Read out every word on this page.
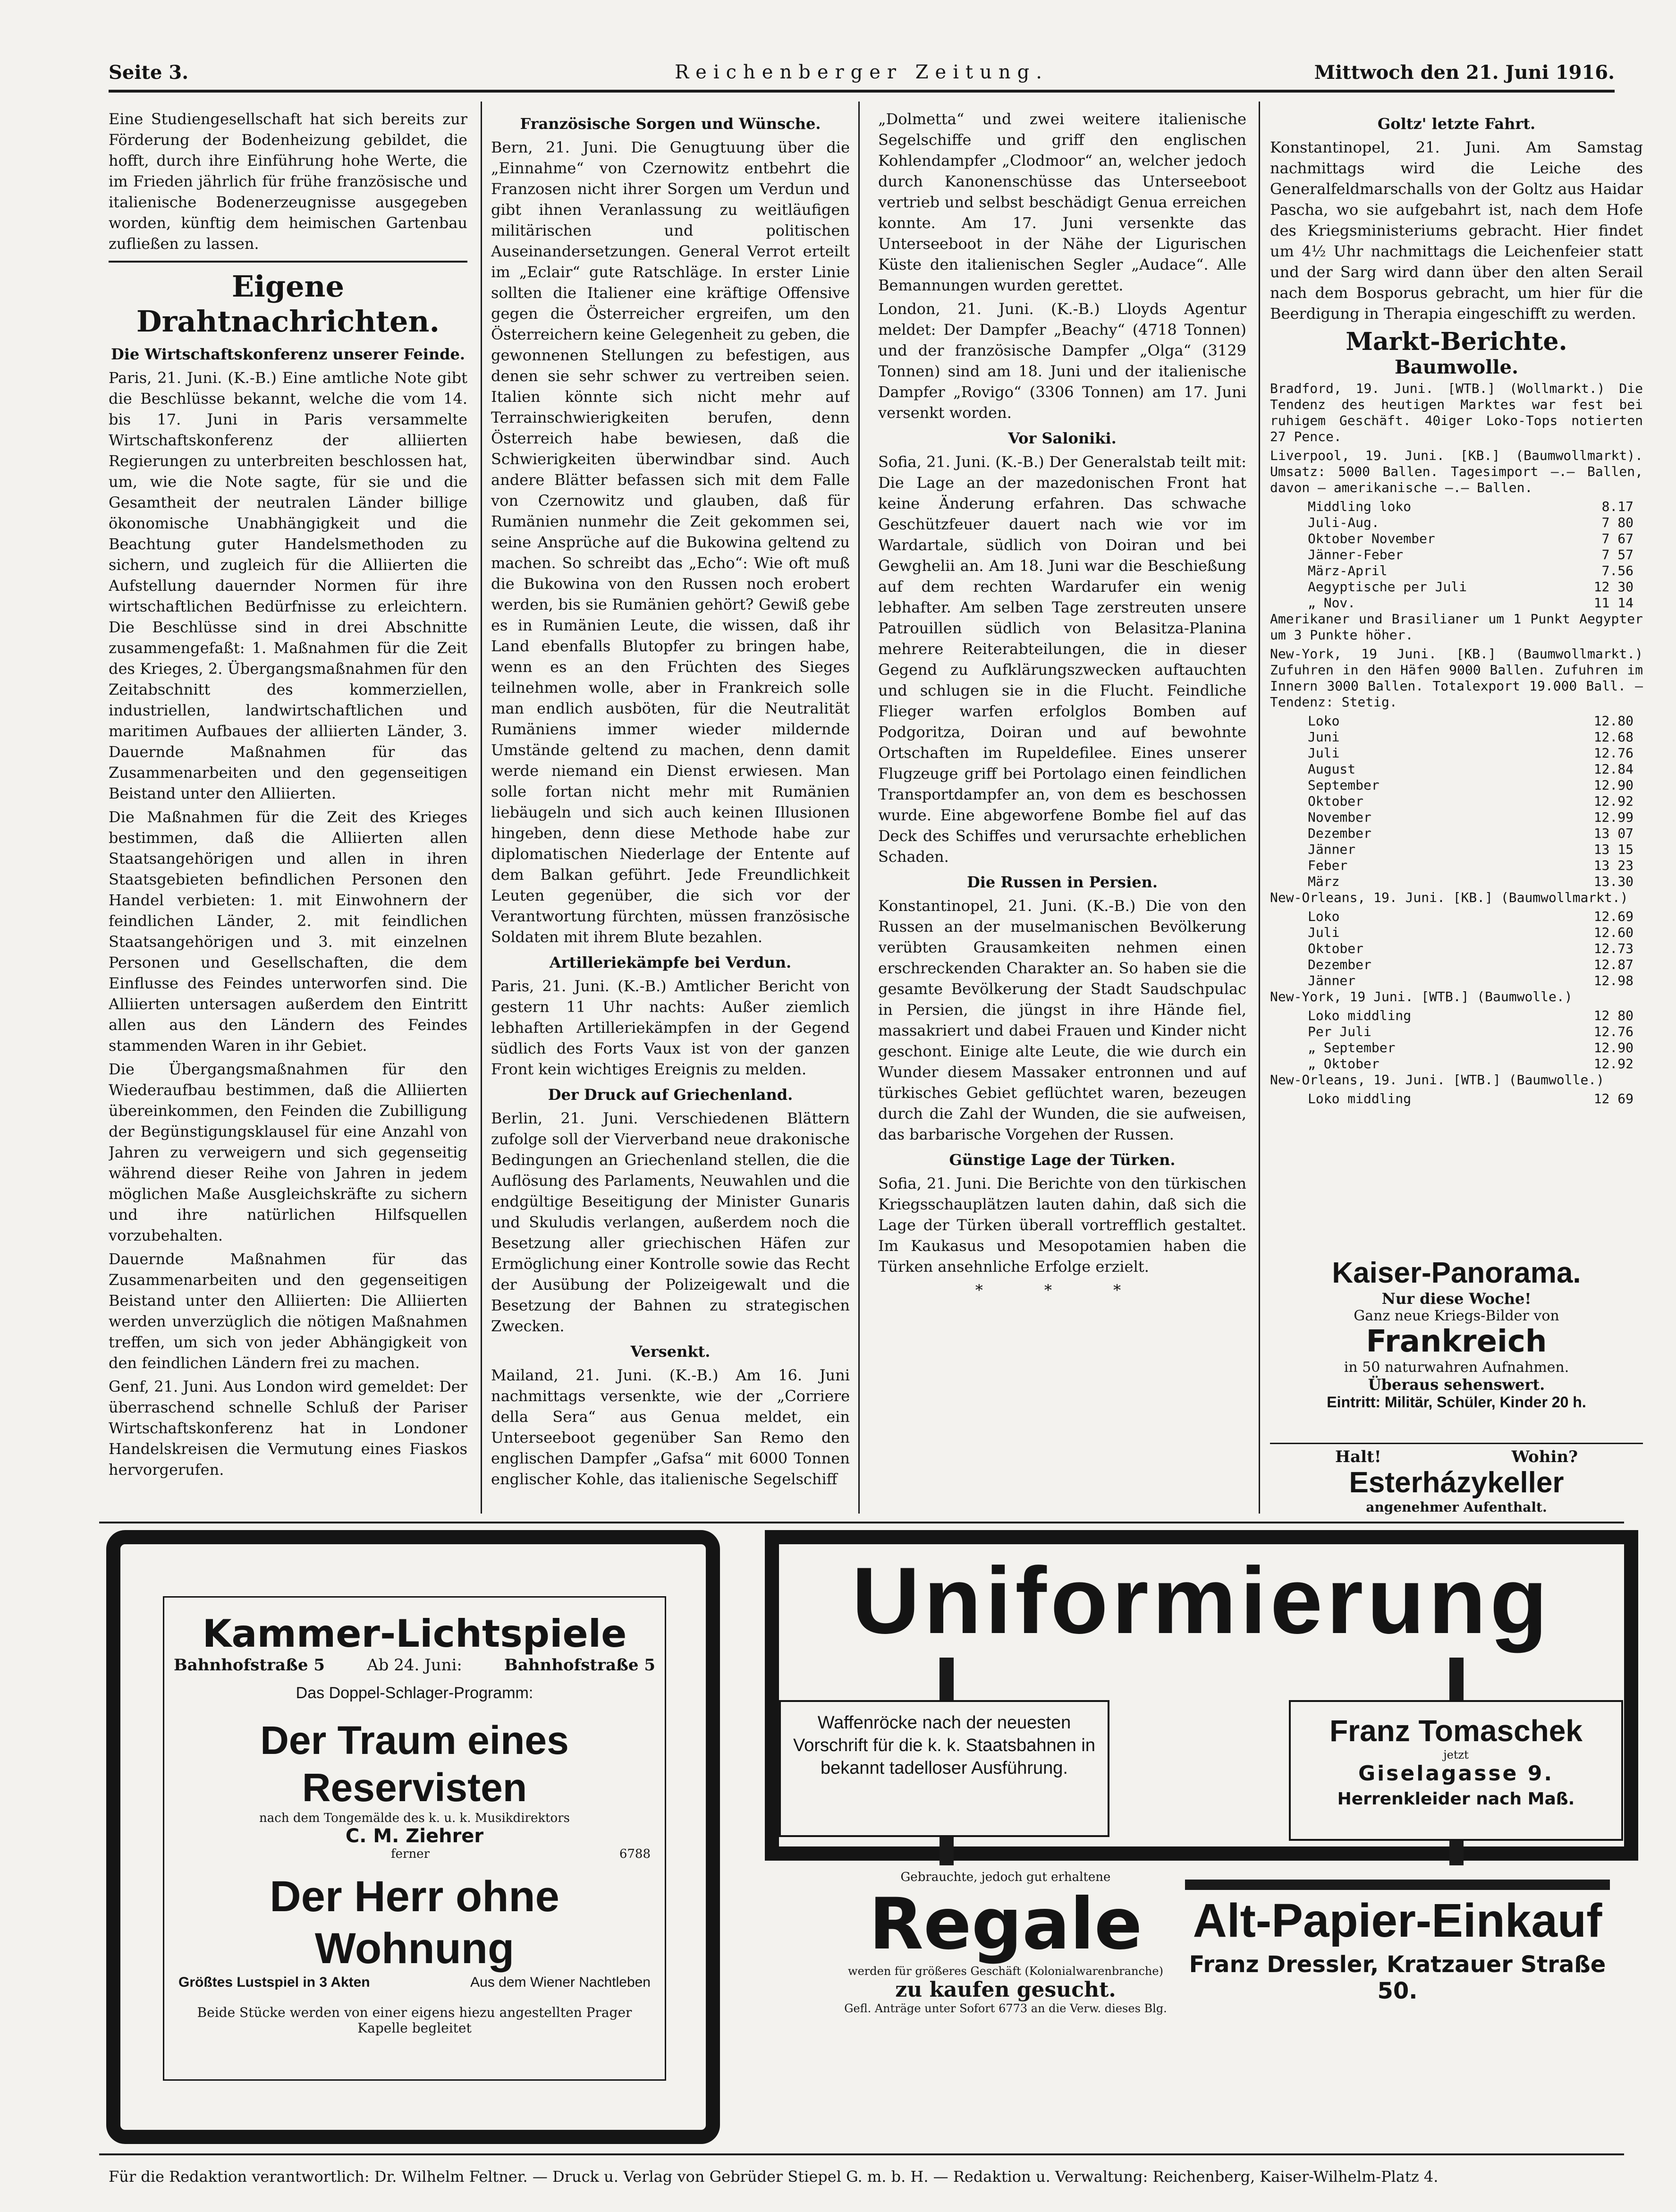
Seite 3.	Reichenberger Zeitung.	Mittwoch den 21. Juni 1916.

Eine Studiengesellschaft hat sich bereits zur Förderung der Bodenheizung gebildet, die hofft, durch ihre Einführung hohe Werte, die im Frieden jährlich für frühe französische und italienische Bodenerzeugnisse ausgegeben worden, künftig dem heimischen Gartenbau zufließen zu lassen.

Eigene Drahtnachrichten.
Die Wirtschaftskonferenz unserer Feinde.

Paris, 21. Juni. (K.-B.) Eine amtliche Note gibt die Beschlüsse bekannt, welche die vom 14. bis 17. Juni in Paris versammelte Wirtschaftskonferenz der alliierten Regierungen zu unterbreiten beschlossen hat, um, wie die Note sagte, für sie und die Gesamtheit der neutralen Länder billige ökonomische Unabhängigkeit und die Beachtung guter Handelsmethoden zu sichern, und zugleich für die Alliierten die Aufstellung dauernder Normen für ihre wirtschaftlichen Bedürfnisse zu erleichtern. Die Beschlüsse sind in drei Abschnitte zusammengefaßt: 1. Maßnahmen für die Zeit des Krieges, 2. Übergangsmaßnahmen für den Zeitabschnitt des kommerziellen, industriellen, landwirtschaftlichen und maritimen Aufbaues der alliierten Länder, 3. Dauernde Maßnahmen für das Zusammenarbeiten und den gegenseitigen Beistand unter den Alliierten.

Die Maßnahmen für die Zeit des Krieges bestimmen, daß die Alliierten allen Staatsangehörigen und allen in ihren Staatsgebieten befindlichen Personen den Handel verbieten: 1. mit Einwohnern der feindlichen Länder, 2. mit feindlichen Staatsangehörigen und 3. mit einzelnen Personen und Gesellschaften, die dem Einflusse des Feindes unterworfen sind. Die Alliierten untersagen außerdem den Eintritt allen aus den Ländern des Feindes stammenden Waren in ihr Gebiet.

Die Übergangsmaßnahmen für den Wiederaufbau bestimmen, daß die Alliierten übereinkommen, den Feinden die Zubilligung der Begünstigungsklausel für eine Anzahl von Jahren zu verweigern und sich gegenseitig während dieser Reihe von Jahren in jedem möglichen Maße Ausgleichskräfte zu sichern und ihre natürlichen Hilfsquellen vorzubehalten.

Dauernde Maßnahmen für das Zusammenarbeiten und den gegenseitigen Beistand unter den Alliierten: Die Alliierten werden unverzüglich die nötigen Maßnahmen treffen, um sich von jeder Abhängigkeit von den feindlichen Ländern frei zu machen.

Genf, 21. Juni. Aus London wird gemeldet: Der überraschend schnelle Schluß der Pariser Wirtschaftskonferenz hat in Londoner Handelskreisen die Vermutung eines Fiaskos hervorgerufen.

Französische Sorgen und Wünsche.

Bern, 21. Juni. Die Genugtuung über die „Einnahme“ von Czernowitz entbehrt die Franzosen nicht ihrer Sorgen um Verdun und gibt ihnen Veranlassung zu weitläufigen militärischen und politischen Auseinandersetzungen. General Verrot erteilt im „Eclair“ gute Ratschläge. In erster Linie sollten die Italiener eine kräftige Offensive gegen die Österreicher ergreifen, um den Österreichern keine Gelegenheit zu geben, die gewonnenen Stellungen zu befestigen, aus denen sie sehr schwer zu vertreiben seien. Italien könnte sich nicht mehr auf Terrainschwierigkeiten berufen, denn Österreich habe bewiesen, daß die Schwierigkeiten überwindbar sind. Auch andere Blätter befassen sich mit dem Falle von Czernowitz und glauben, daß für Rumänien nunmehr die Zeit gekommen sei, seine Ansprüche auf die Bukowina geltend zu machen. So schreibt das „Echo“: Wie oft muß die Bukowina von den Russen noch erobert werden, bis sie Rumänien gehört? Gewiß gebe es in Rumänien Leute, die wissen, daß ihr Land ebenfalls Blutopfer zu bringen habe, wenn es an den Früchten des Sieges teilnehmen wolle, aber in Frankreich solle man endlich ausböten, für die Neutralität Rumäniens immer wieder mildernde Umstände geltend zu machen, denn damit werde niemand ein Dienst erwiesen. Man solle fortan nicht mehr mit Rumänien liebäugeln und sich auch keinen Illusionen hingeben, denn diese Methode habe zur diplomatischen Niederlage der Entente auf dem Balkan geführt. Jede Freundlichkeit Leuten gegenüber, die sich vor der Verantwortung fürchten, müssen französische Soldaten mit ihrem Blute bezahlen.

Artilleriekämpfe bei Verdun.

Paris, 21. Juni. (K.-B.) Amtlicher Bericht von gestern 11 Uhr nachts: Außer ziemlich lebhaften Artilleriekämpfen in der Gegend südlich des Forts Vaux ist von der ganzen Front kein wichtiges Ereignis zu melden.

Der Druck auf Griechenland.

Berlin, 21. Juni. Verschiedenen Blättern zufolge soll der Vierverband neue drakonische Bedingungen an Griechenland stellen, die die Auflösung des Parlaments, Neuwahlen und die endgültige Beseitigung der Minister Gunaris und Skuludis verlangen, außerdem noch die Besetzung aller griechischen Häfen zur Ermöglichung einer Kontrolle sowie das Recht der Ausübung der Polizeigewalt und die Besetzung der Bahnen zu strategischen Zwecken.

Versenkt.

Mailand, 21. Juni. (K.-B.) Am 16. Juni nachmittags versenkte, wie der „Corriere della Sera“ aus Genua meldet, ein Unterseeboot gegenüber San Remo den englischen Dampfer „Gafsa“ mit 6000 Tonnen englischer Kohle, das italienische Segelschiff

„Dolmetta“ und zwei weitere italienische Segelschiffe und griff den englischen Kohlendampfer „Clodmoor“ an, welcher jedoch durch Kanonenschüsse das Unterseeboot vertrieb und selbst beschädigt Genua erreichen konnte. Am 17. Juni versenkte das Unterseeboot in der Nähe der Ligurischen Küste den italienischen Segler „Audace“. Alle Bemannungen wurden gerettet.

London, 21. Juni. (K.-B.) Lloyds Agentur meldet: Der Dampfer „Beachy“ (4718 Tonnen) und der französische Dampfer „Olga“ (3129 Tonnen) sind am 18. Juni und der italienische Dampfer „Rovigo“ (3306 Tonnen) am 17. Juni versenkt worden.

Vor Saloniki.

Sofia, 21. Juni. (K.-B.) Der Generalstab teilt mit: Die Lage an der mazedonischen Front hat keine Änderung erfahren. Das schwache Geschützfeuer dauert nach wie vor im Wardartale, südlich von Doiran und bei Gewghelii an. Am 18. Juni war die Beschießung auf dem rechten Wardarufer ein wenig lebhafter. Am selben Tage zerstreuten unsere Patrouillen südlich von Belasitza-Planina mehrere Reiterabteilungen, die in dieser Gegend zu Aufklärungszwecken auftauchten und schlugen sie in die Flucht. Feindliche Flieger warfen erfolglos Bomben auf Podgoritza, Doiran und auf bewohnte Ortschaften im Rupeldefilee. Eines unserer Flugzeuge griff bei Portolago einen feindlichen Transportdampfer an, von dem es beschossen wurde. Eine abgeworfene Bombe fiel auf das Deck des Schiffes und verursachte erheblichen Schaden.

Die Russen in Persien.

Konstantinopel, 21. Juni. (K.-B.) Die von den Russen an der muselmanischen Bevölkerung verübten Grausamkeiten nehmen einen erschreckenden Charakter an. So haben sie die gesamte Bevölkerung der Stadt Saudschpulac in Persien, die jüngst in ihre Hände fiel, massakriert und dabei Frauen und Kinder nicht geschont. Einige alte Leute, die wie durch ein Wunder diesem Massaker entronnen und auf türkisches Gebiet geflüchtet waren, bezeugen durch die Zahl der Wunden, die sie aufweisen, das barbarische Vorgehen der Russen.

Günstige Lage der Türken.

Sofia, 21. Juni. Die Berichte von den türkischen Kriegsschauplätzen lauten dahin, daß sich die Lage der Türken überall vortrefflich gestaltet. Im Kaukasus und Mesopotamien haben die Türken ansehnliche Erfolge erzielt.

* * *
Goltz' letzte Fahrt.

Konstantinopel, 21. Juni. Am Samstag nachmittags wird die Leiche des Generalfeldmarschalls von der Goltz aus Haidar Pascha, wo sie aufgebahrt ist, nach dem Hofe des Kriegsministeriums gebracht. Hier findet um 4½ Uhr nachmittags die Leichenfeier statt und der Sarg wird dann über den alten Serail nach dem Bosporus gebracht, um hier für die Beerdigung in Therapia eingeschifft zu werden.

Markt-Berichte.
Baumwolle.

Bradford, 19. Juni. [WTB.] (Wollmarkt.) Die Tendenz des heutigen Marktes war fest bei ruhigem Geschäft. 40iger Loko-Tops notierten 27 Pence.

Liverpool, 19. Juni. [KB.] (Baumwollmarkt). Umsatz: 5000 Ballen. Tagesimport —.— Ballen, davon — amerikanische —.— Ballen.

Middling loko	8.17
Juli-Aug.	7 80
Oktober November	7 67
Jänner-Feber	7 57
März-April	7.56
Aegyptische per Juli	12 30
„ Nov.	11 14

Amerikaner und Brasilianer um 1 Punkt Aegypter um 3 Punkte höher.

New-York, 19 Juni. [KB.] (Baumwollmarkt.) Zufuhren in den Häfen 9000 Ballen. Zufuhren im Innern 3000 Ballen. Totalexport 19.000 Ball. — Tendenz: Stetig.

Loko	12.80
Juni	12.68
Juli	12.76
August	12.84
September	12.90
Oktober	12.92
November	12.99
Dezember	13 07
Jänner	13 15
Feber	13 23
März	13.30

New-Orleans, 19. Juni. [KB.] (Baumwollmarkt.)

Loko	12.69
Juli	12.60
Oktober	12.73
Dezember	12.87
Jänner	12.98

New-York, 19 Juni. [WTB.] (Baumwolle.)

Loko middling	12 80
Per Juli	12.76
„ September	12.90
„ Oktober	12.92

New-Orleans, 19. Juni. [WTB.] (Baumwolle.)

Loko middling	12 69
Kaiser-Panorama.
Nur diese Woche!
Ganz neue Kriegs-Bilder von
Frankreich
in 50 naturwahren Aufnahmen.
Überaus sehenswert.
Eintritt: Militär, Schüler, Kinder 20 h.
Halt!	Wohin?
Esterházykeller
angenehmer Aufenthalt.
Kammer-Lichtspiele
Bahnhofstraße 5	Ab 24. Juni:	Bahnhofstraße 5
Das Doppel-Schlager-Programm:
Der Traum eines Reservisten
nach dem Tongemälde des k. u. k. Musikdirektors
C. M. Ziehrer
ferner	6788
Der Herr ohne Wohnung
Größtes Lustspiel in 3 Akten	Aus dem Wiener Nachtleben
Beide Stücke werden von einer eigens hiezu angestellten Prager Kapelle begleitet
Uniformierung
Waffenröcke nach der neuesten Vorschrift für die k. k. Staatsbahnen in bekannt tadelloser Ausführung.
Franz Tomaschek
jetzt
Giselagasse 9.
Herrenkleider nach Maß.
Gebrauchte, jedoch gut erhaltene
Regale
werden für größeres Geschäft (Kolonialwarenbranche)
zu kaufen gesucht.
Gefl. Anträge unter Sofort 6773 an die Verw. dieses Blg.
Alt-Papier-Einkauf
Franz Dressler, Kratzauer Straße 50.
Für die Redaktion verantwortlich: Dr. Wilhelm Feltner. — Druck u. Verlag von Gebrüder Stiepel G. m. b. H. — Redaktion u. Verwaltung: Reichenberg, Kaiser-Wilhelm-Platz 4.
